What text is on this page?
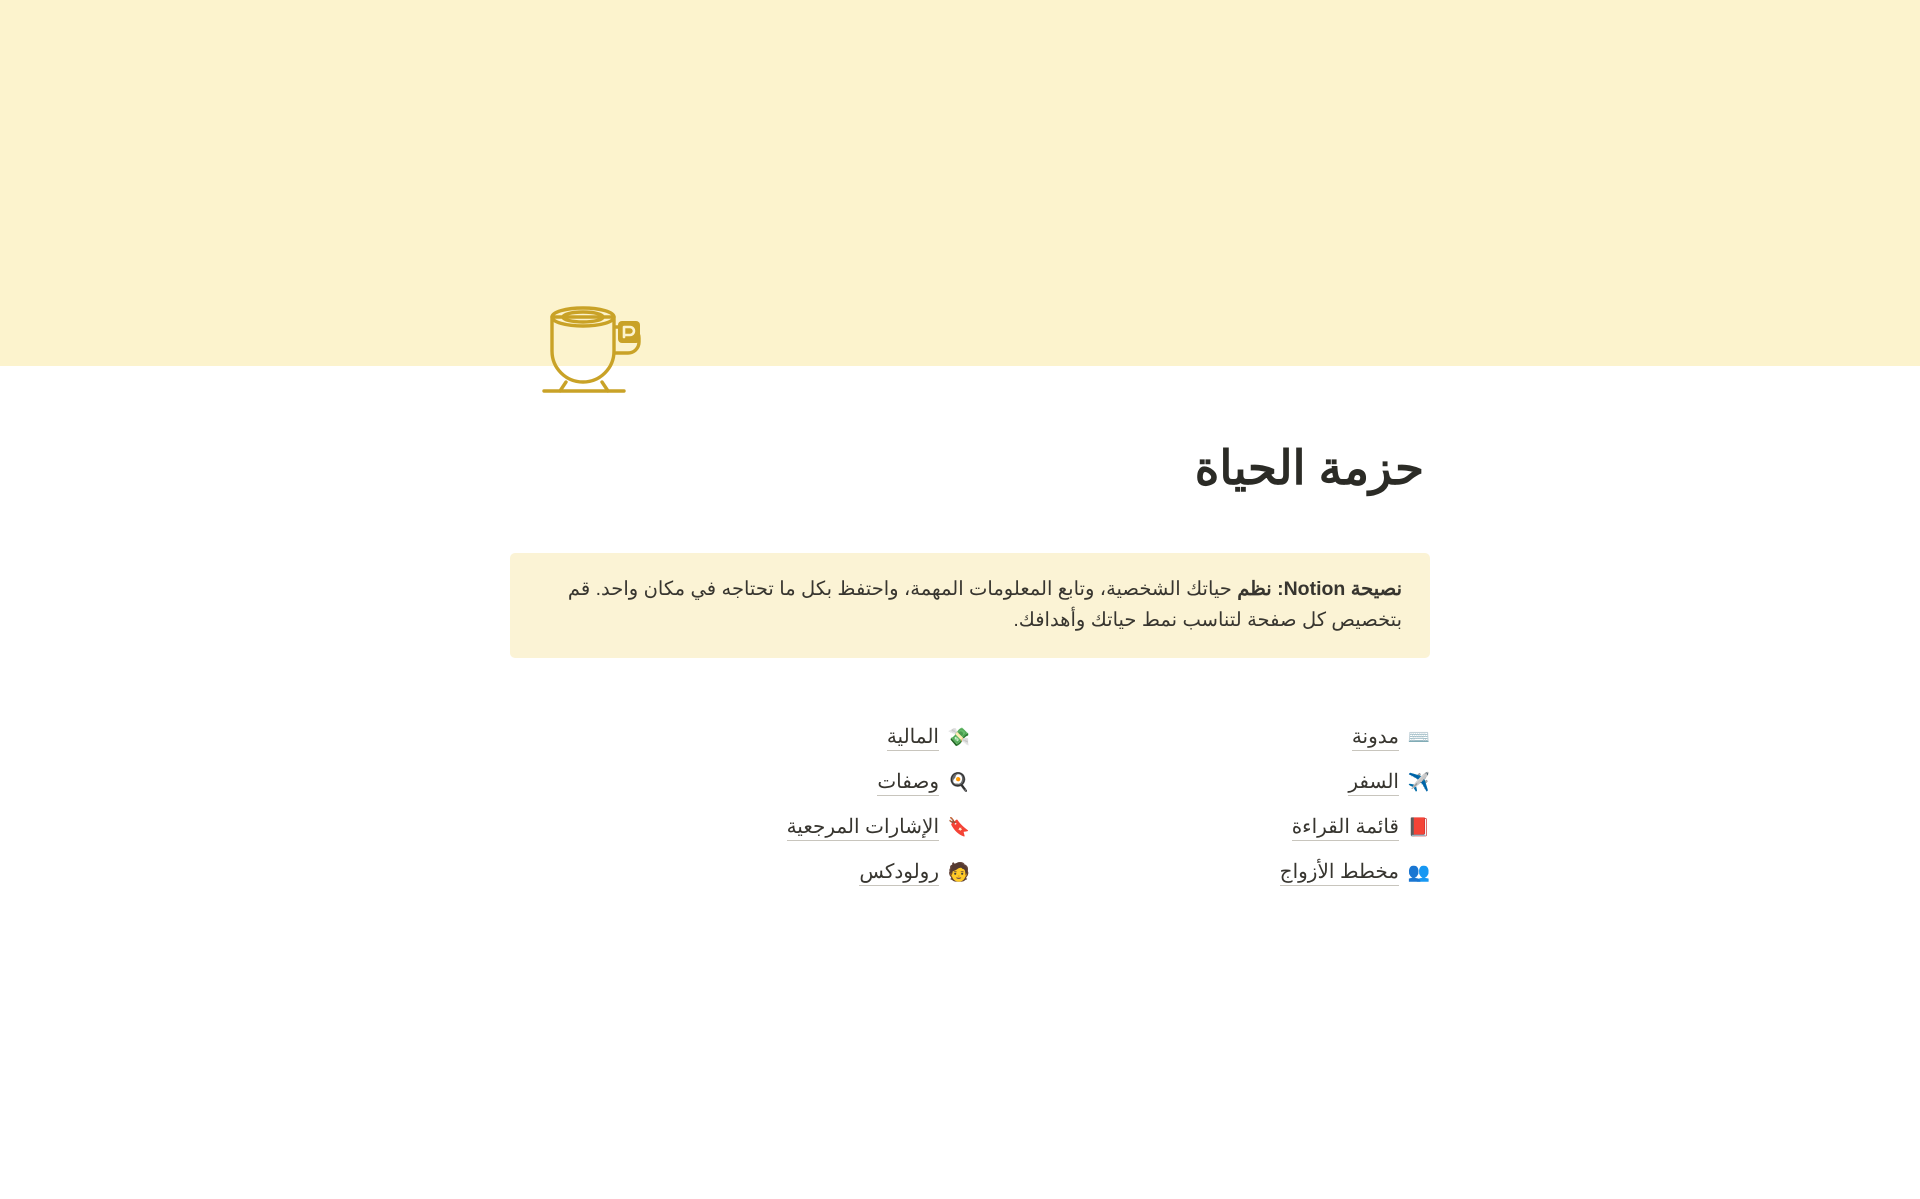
حزمة الحياة
نصيحة Notion: نظم حياتك الشخصية، وتابع المعلومات المهمة، واحتفظ بكل ما تحتاجه في مكان واحد. قم بتخصيص كل صفحة لتناسب نمط حياتك وأهدافك.
⌨️
مدونة
✈️
السفر
📕
قائمة القراءة
👥
مخطط الأزواج
💸
المالية
🍳
وصفات
🔖
الإشارات المرجعية
🧑
رولودكس
